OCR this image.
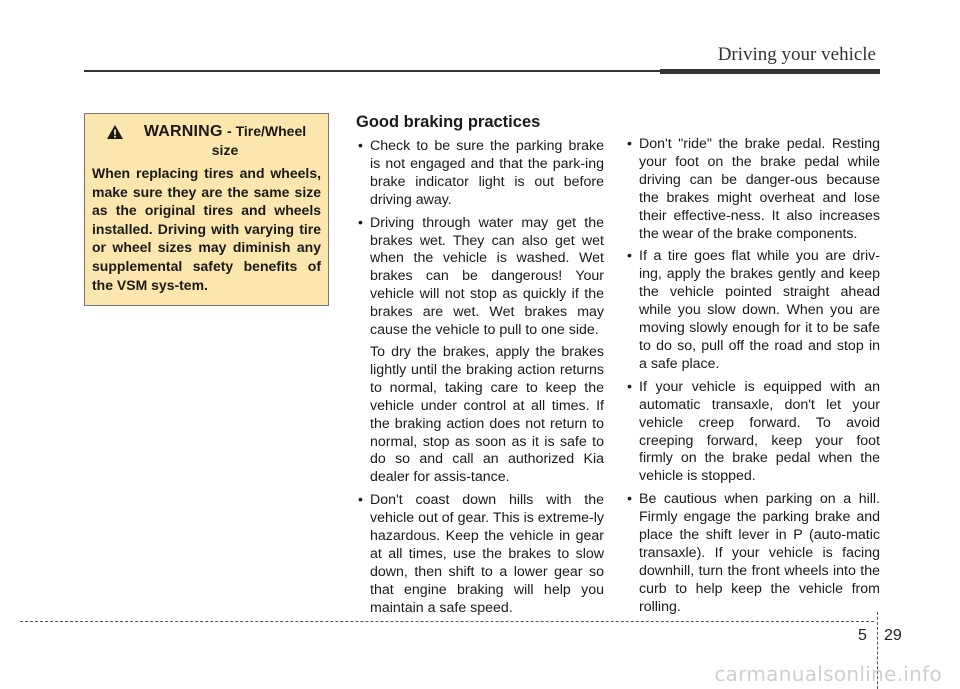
Driving your vehicle
WARNING - Tire/Wheel size
When replacing tires and wheels, make sure they are the same size as the original tires and wheels installed. Driving with varying tire or wheel sizes may diminish any supplemental safety benefits of the VSM sys-tem.
Good braking practices

• Check to be sure the parking brake is not engaged and that the park-ing brake indicator light is out before driving away.

• Driving through water may get the brakes wet. They can also get wet when the vehicle is washed. Wet brakes can be dangerous! Your vehicle will not stop as quickly if the brakes are wet. Wet brakes may cause the vehicle to pull to one side.

To dry the brakes, apply the brakes lightly until the braking action returns to normal, taking care to keep the vehicle under control at all times. If the braking action does not return to normal, stop as soon as it is safe to do so and call an authorized Kia dealer for assis-tance.

• Don't coast down hills with the vehicle out of gear. This is extreme-ly hazardous. Keep the vehicle in gear at all times, use the brakes to slow down, then shift to a lower gear so that engine braking will help you maintain a safe speed.

• Don't "ride" the brake pedal. Resting your foot on the brake pedal while driving can be danger-ous because the brakes might overheat and lose their effective-ness. It also increases the wear of the brake components.

• If a tire goes flat while you are driv-ing, apply the brakes gently and keep the vehicle pointed straight ahead while you slow down. When you are moving slowly enough for it to be safe to do so, pull off the road and stop in a safe place.

• If your vehicle is equipped with an automatic transaxle, don't let your vehicle creep forward. To avoid creeping forward, keep your foot firmly on the brake pedal when the vehicle is stopped.

• Be cautious when parking on a hill. Firmly engage the parking brake and place the shift lever in P (auto-matic transaxle). If your vehicle is facing downhill, turn the front wheels into the curb to help keep the vehicle from rolling.

5 29
carmanualsonline.info
